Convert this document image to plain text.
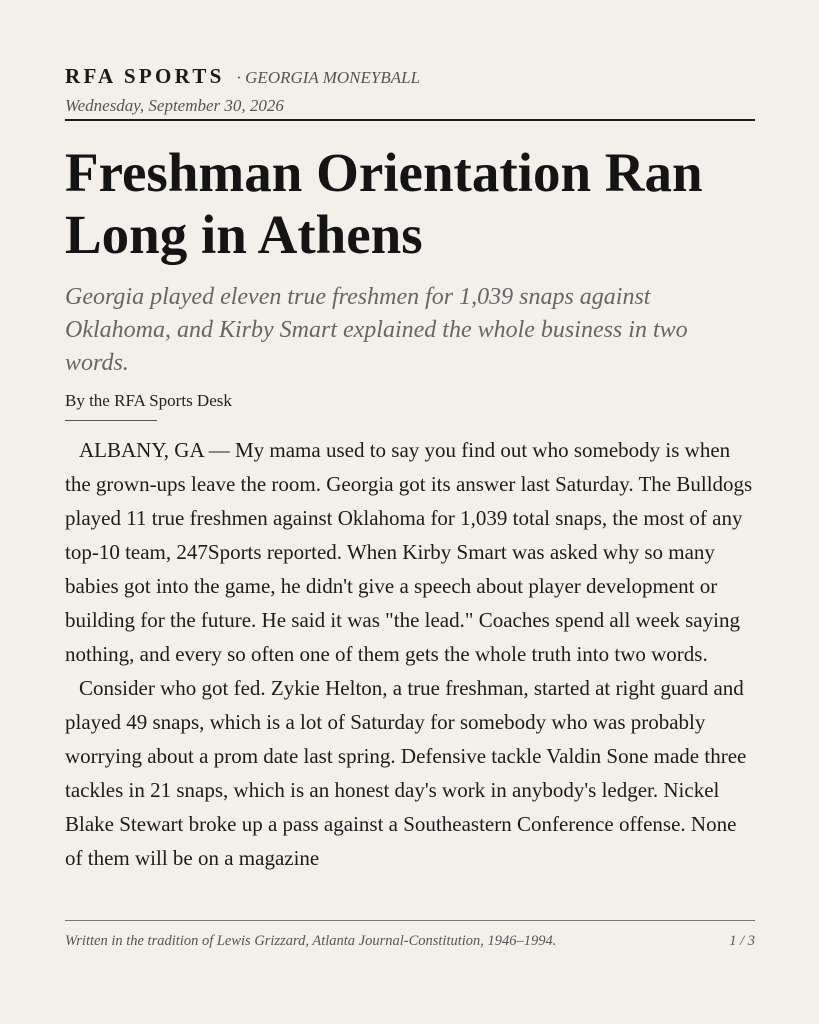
RFA SPORTS · GEORGIA MONEYBALL
Wednesday, September 30, 2026
Freshman Orientation Ran Long in Athens

Georgia played eleven true freshmen for 1,039 snaps against Oklahoma, and Kirby Smart explained the whole business in two words.

By the RFA Sports Desk

ALBANY, GA — My mama used to say you find out who somebody is when the grown-ups leave the room. Georgia got its answer last Saturday. The Bulldogs played 11 true freshmen against Oklahoma for 1,039 total snaps, the most of any top-10 team, 247Sports reported. When Kirby Smart was asked why so many babies got into the game, he didn't give a speech about player development or building for the future. He said it was "the lead." Coaches spend all week saying nothing, and every so often one of them gets the whole truth into two words.

Consider who got fed. Zykie Helton, a true freshman, started at right guard and played 49 snaps, which is a lot of Saturday for somebody who was probably worrying about a prom date last spring. Defensive tackle Valdin Sone made three tackles in 21 snaps, which is an honest day's work in anybody's ledger. Nickel Blake Stewart broke up a pass against a Southeastern Conference offense. None of them will be on a magazine

Written in the tradition of Lewis Grizzard, Atlanta Journal-Constitution, 1946–1994.	1 / 3
